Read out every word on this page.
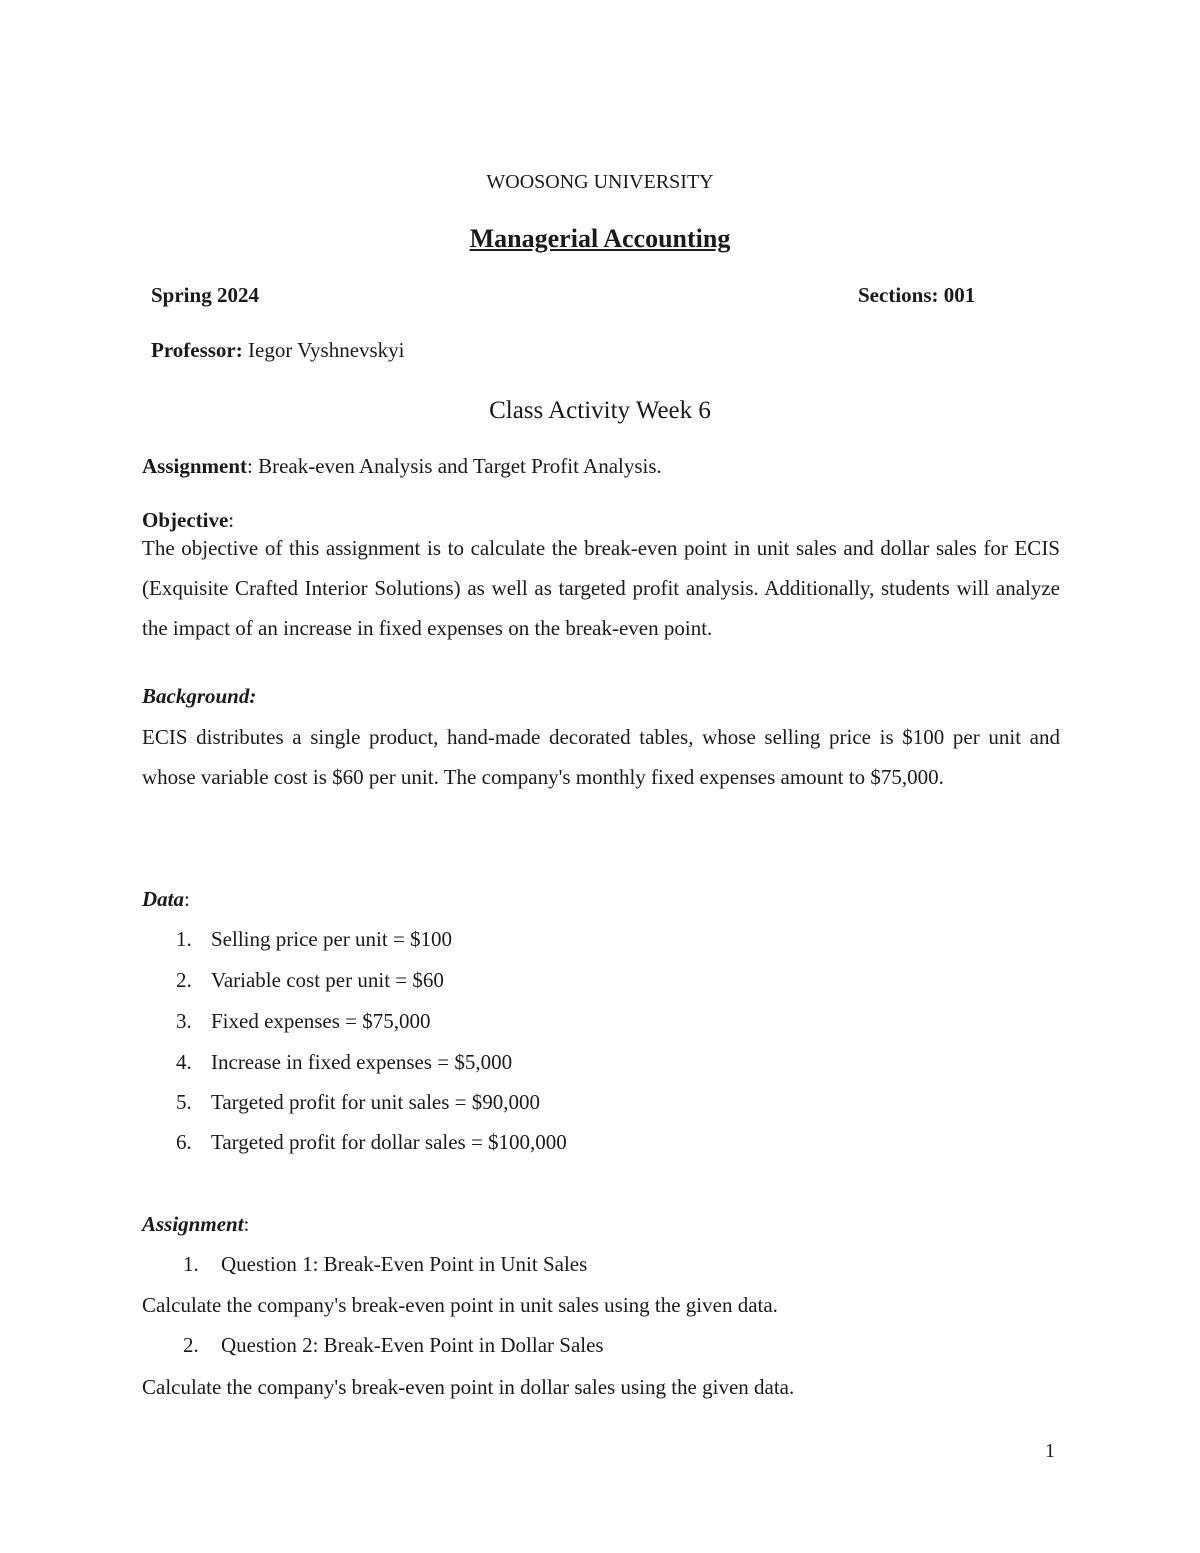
WOOSONG UNIVERSITY
Managerial Accounting
Spring 2024	Sections: 001
Professor: Iegor Vyshnevskyi
Class Activity Week 6
Assignment: Break-even Analysis and Target Profit Analysis.
Objective:
The objective of this assignment is to calculate the break-even point in unit sales and dollar sales for ECIS (Exquisite Crafted Interior Solutions) as well as targeted profit analysis. Additionally, students will analyze the impact of an increase in fixed expenses on the break-even point.
Background:
ECIS distributes a single product, hand-made decorated tables, whose selling price is $100 per unit and whose variable cost is $60 per unit. The company's monthly fixed expenses amount to $75,000.
Data:
1. Selling price per unit = $100
2. Variable cost per unit = $60
3. Fixed expenses = $75,000
4. Increase in fixed expenses = $5,000
5. Targeted profit for unit sales = $90,000
6. Targeted profit for dollar sales = $100,000
Assignment:
1. Question 1: Break-Even Point in Unit Sales
Calculate the company's break-even point in unit sales using the given data.
2. Question 2: Break-Even Point in Dollar Sales
Calculate the company's break-even point in dollar sales using the given data.
1
